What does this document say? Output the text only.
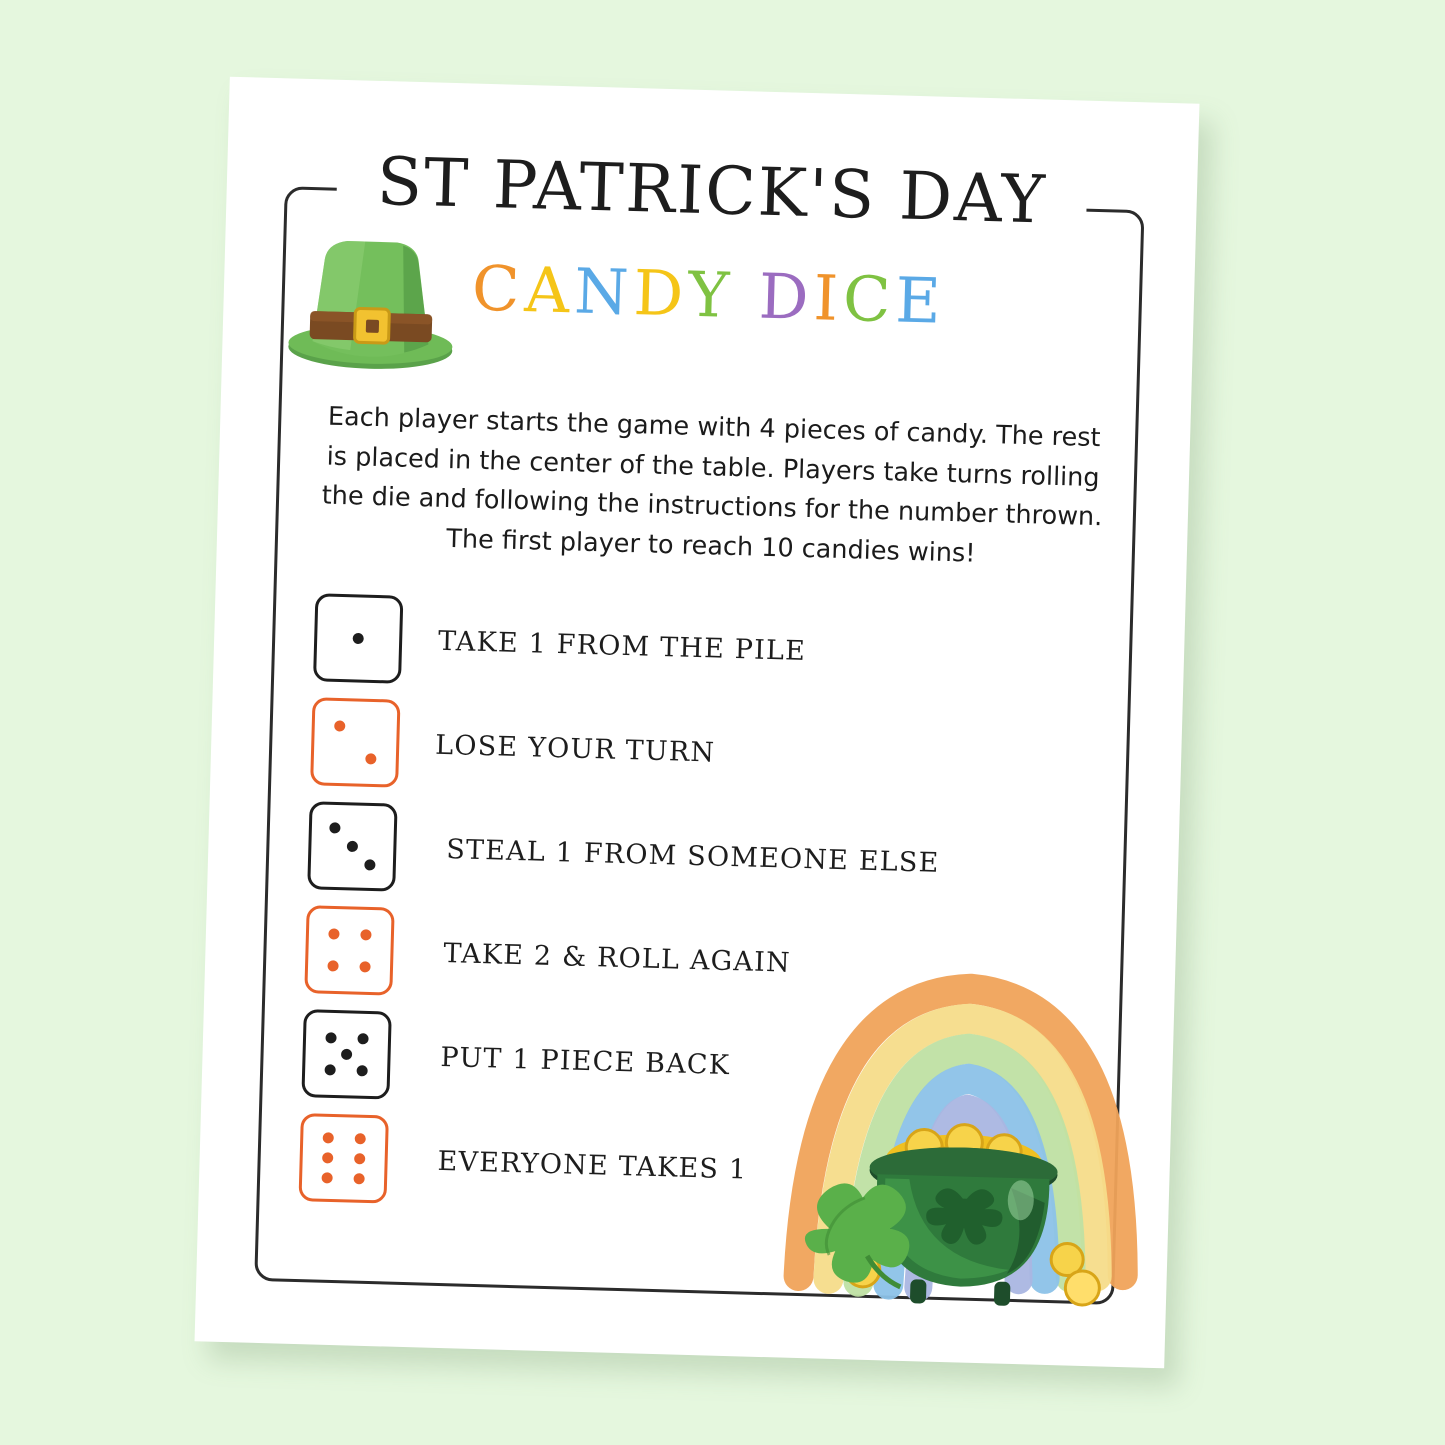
ST PATRICK'S DAY
CANDY DICE
Each player starts the game with 4 pieces of candy. The rest is placed in the center of the table. Players take turns rolling the die and following the instructions for the number thrown. The first player to reach 10 candies wins!
TAKE 1 FROM THE PILE
LOSE YOUR TURN
STEAL 1 FROM SOMEONE ELSE
TAKE 2 & ROLL AGAIN
PUT 1 PIECE BACK
EVERYONE TAKES 1
